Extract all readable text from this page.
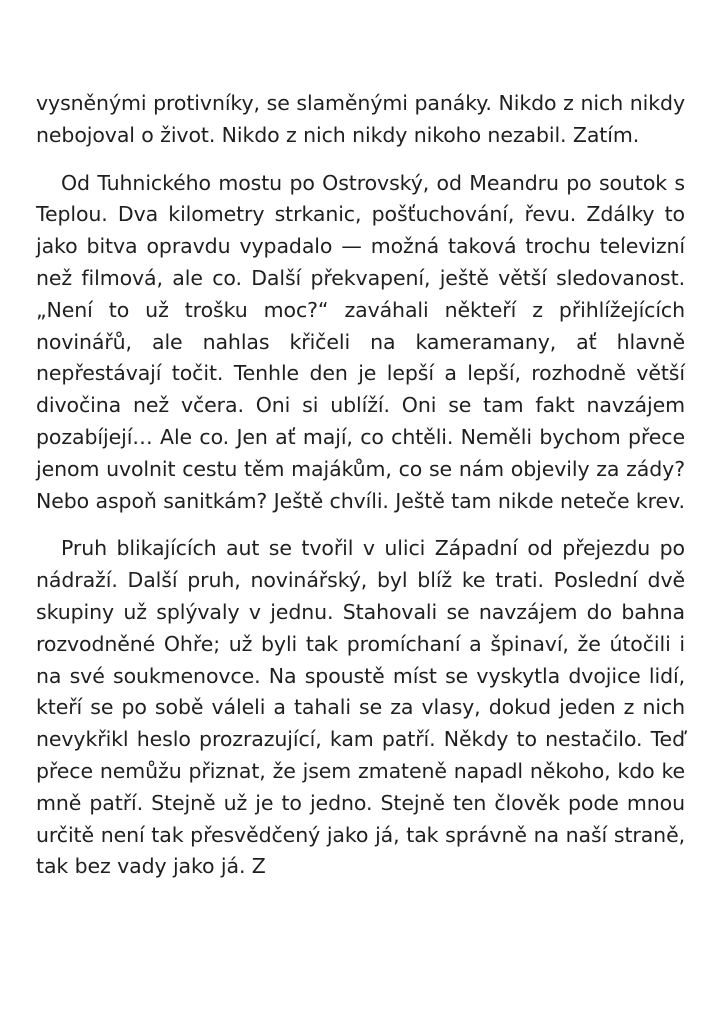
vysněnými protivníky, se slaměnými panáky. Nikdo z nich nikdy nebojoval o život. Nikdo z nich nikdy nikoho nezabil. Zatím.

Od Tuhnického mostu po Ostrovský, od Meandru po soutok s Teplou. Dva kilometry strkanic, pošťuchování, řevu. Zdálky to jako bitva opravdu vypadalo — možná taková trochu televizní než filmová, ale co. Další překvapení, ještě větší sledovanost. „Není to už trošku moc?“ zaváhali někteří z přihlížejících novinářů, ale nahlas křičeli na kameramany, ať hlavně nepřestávají točit. Tenhle den je lepší a lepší, rozhodně větší divočina než včera. Oni si ublíží. Oni se tam fakt navzájem pozabíjejí… Ale co. Jen ať mají, co chtěli. Neměli bychom přece jenom uvolnit cestu těm majákům, co se nám objevily za zády? Nebo aspoň sanitkám? Ještě chvíli. Ještě tam nikde neteče krev.

Pruh blikajících aut se tvořil v ulici Západní od přejezdu po nádraží. Další pruh, novinářský, byl blíž ke trati. Poslední dvě skupiny už splývaly v jednu. Stahovali se navzájem do bahna rozvodněné Ohře; už byli tak promíchaní a špinaví, že útočili i na své soukmenovce. Na spoustě míst se vyskytla dvojice lidí, kteří se po sobě váleli a tahali se za vlasy, dokud jeden z nich nevykřikl heslo prozrazující, kam patří. Někdy to nestačilo. Teď přece nemůžu přiznat, že jsem zmateně napadl někoho, kdo ke mně patří. Stejně už je to jedno. Stejně ten člověk pode mnou určitě není tak přesvědčený jako já, tak správně na naší straně, tak bez vady jako já. Z
